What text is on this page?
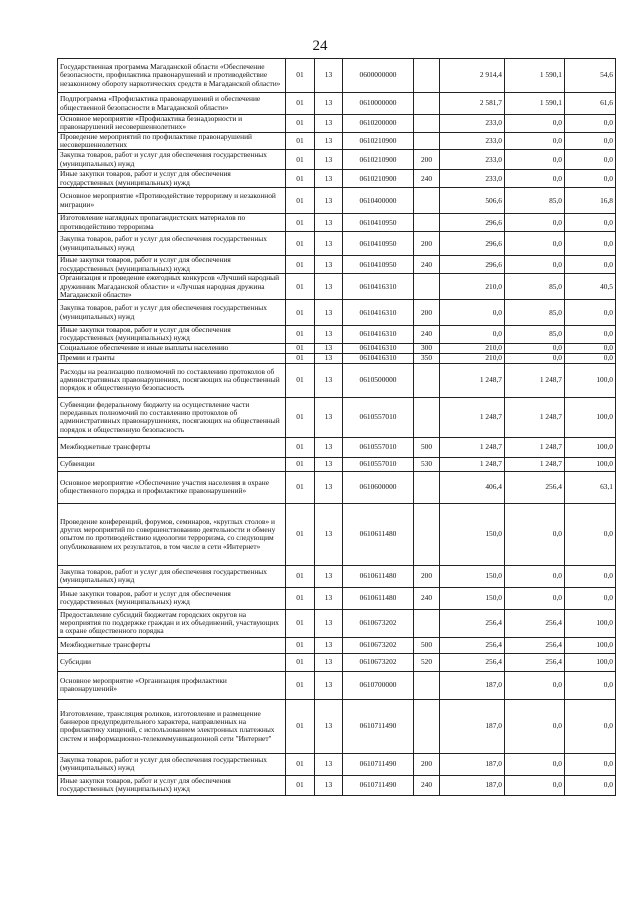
24
Государственная программа Магаданской области «Обеспечение безопасности, профилактика правонарушений и противодействие незаконному обороту наркотических средств в Магаданской области»	01	13	0600000000		2 914,4	1 590,1	54,6
Подпрограмма «Профилактика правонарушений и обеспечение общественной безопасности в Магаданской области»	01	13	0610000000		2 581,7	1 590,1	61,6
Основное мероприятие «Профилактика безнадзорности и правонарушений несовершеннолетних»	01	13	0610200000		233,0	0,0	0,0
Проведение мероприятий по профилактике правонарушений несовершеннолетних	01	13	0610210900		233,0	0,0	0,0
Закупка товаров, работ и услуг для обеспечения государственных (муниципальных) нужд	01	13	0610210900	200	233,0	0,0	0,0
Иные закупки товаров, работ и услуг для обеспечения государственных (муниципальных) нужд	01	13	0610210900	240	233,0	0,0	0,0
Основное мероприятие «Противодействие терроризму и незаконной миграции»	01	13	0610400000		506,6	85,0	16,8
Изготовление наглядных пропагандистских материалов по противодействию терроризма	01	13	0610410950		296,6	0,0	0,0
Закупка товаров, работ и услуг для обеспечения государственных (муниципальных) нужд	01	13	0610410950	200	296,6	0,0	0,0
Иные закупки товаров, работ и услуг для обеспечения государственных (муниципальных) нужд	01	13	0610410950	240	296,6	0,0	0,0
Организация и проведение ежегодных конкурсов «Лучший народный дружинник Магаданской области» и «Лучшая народная дружина Магаданской области»	01	13	0610416310		210,0	85,0	40,5
Закупка товаров, работ и услуг для обеспечения государственных (муниципальных) нужд	01	13	0610416310	200	0,0	85,0	0,0
Иные закупки товаров, работ и услуг для обеспечения государственных (муниципальных) нужд	01	13	0610416310	240	0,0	85,0	0,0
Социальное обеспечение и иные выплаты населению	01	13	0610416310	300	210,0	0,0	0,0
Премии и гранты	01	13	0610416310	350	210,0	0,0	0,0
Расходы на реализацию полномочий по составлению протоколов об административных правонарушениях, посягающих на общественный порядок и общественную безопасность	01	13	0610500000		1 248,7	1 248,7	100,0
Субвенции федеральному бюджету на осуществление части переданных полномочий по составлению протоколов об административных правонарушениях, посягающих на общественный порядок и общественную безопасность	01	13	0610557010		1 248,7	1 248,7	100,0
Межбюджетные трансферты	01	13	0610557010	500	1 248,7	1 248,7	100,0
Субвенции	01	13	0610557010	530	1 248,7	1 248,7	100,0
Основное мероприятие «Обеспечение участия населения в охране общественного порядка и профилактике правонарушений»	01	13	0610600000		406,4	256,4	63,1
Проведение конференций, форумов, семинаров, «круглых столов» и других мероприятий по совершенствованию деятельности и обмену опытом по противодействию идеологии терроризма, со следующим опубликованием их результатов, в том числе в сети «Интернет»	01	13	0610611480		150,0	0,0	0,0
Закупка товаров, работ и услуг для обеспечения государственных (муниципальных) нужд	01	13	0610611480	200	150,0	0,0	0,0
Иные закупки товаров, работ и услуг для обеспечения государственных (муниципальных) нужд	01	13	0610611480	240	150,0	0,0	0,0
Предоставление субсидий бюджетам городских округов на мероприятия по поддержке граждан и их объединений, участвующих в охране общественного порядка	01	13	0610673202		256,4	256,4	100,0
Межбюджетные трансферты	01	13	0610673202	500	256,4	256,4	100,0
Субсидии	01	13	0610673202	520	256,4	256,4	100,0
Основное мероприятие «Организация профилактики правонарушений»	01	13	0610700000		187,0	0,0	0,0
Изготовление, трансляция роликов, изготовление и размещение баннеров предупредительного характера, направленных на профилактику хищений, с использованием электронных платежных систем и информационно-телекоммуникационной сети "Интернет"	01	13	0610711490		187,0	0,0	0,0
Закупка товаров, работ и услуг для обеспечения государственных (муниципальных) нужд	01	13	0610711490	200	187,0	0,0	0,0
Иные закупки товаров, работ и услуг для обеспечения государственных (муниципальных) нужд	01	13	0610711490	240	187,0	0,0	0,0
